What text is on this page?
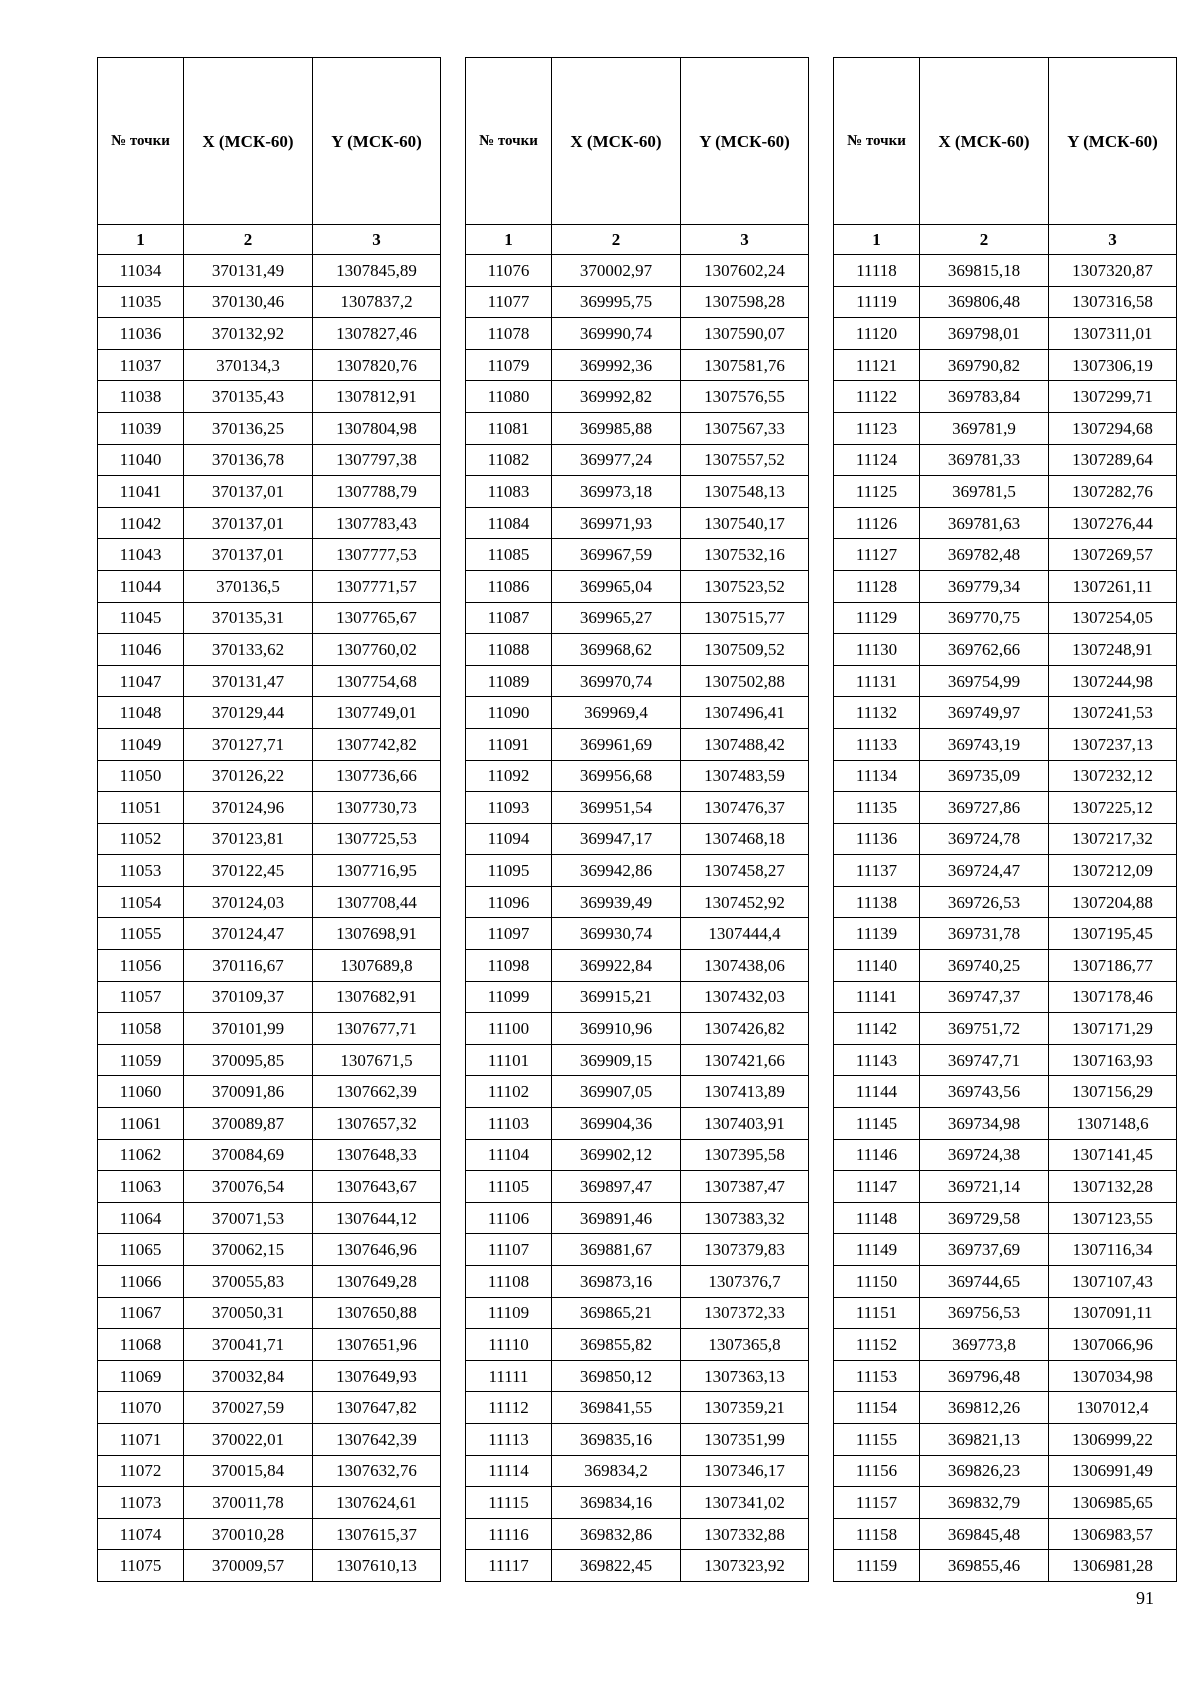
№ точки	X (МСК-60)	Y (МСК-60)
1	2	3
11034	370131,49	1307845,89
11035	370130,46	1307837,2
11036	370132,92	1307827,46
11037	370134,3	1307820,76
11038	370135,43	1307812,91
11039	370136,25	1307804,98
11040	370136,78	1307797,38
11041	370137,01	1307788,79
11042	370137,01	1307783,43
11043	370137,01	1307777,53
11044	370136,5	1307771,57
11045	370135,31	1307765,67
11046	370133,62	1307760,02
11047	370131,47	1307754,68
11048	370129,44	1307749,01
11049	370127,71	1307742,82
11050	370126,22	1307736,66
11051	370124,96	1307730,73
11052	370123,81	1307725,53
11053	370122,45	1307716,95
11054	370124,03	1307708,44
11055	370124,47	1307698,91
11056	370116,67	1307689,8
11057	370109,37	1307682,91
11058	370101,99	1307677,71
11059	370095,85	1307671,5
11060	370091,86	1307662,39
11061	370089,87	1307657,32
11062	370084,69	1307648,33
11063	370076,54	1307643,67
11064	370071,53	1307644,12
11065	370062,15	1307646,96
11066	370055,83	1307649,28
11067	370050,31	1307650,88
11068	370041,71	1307651,96
11069	370032,84	1307649,93
11070	370027,59	1307647,82
11071	370022,01	1307642,39
11072	370015,84	1307632,76
11073	370011,78	1307624,61
11074	370010,28	1307615,37
11075	370009,57	1307610,13
№ точки	X (МСК-60)	Y (МСК-60)
1	2	3
11076	370002,97	1307602,24
11077	369995,75	1307598,28
11078	369990,74	1307590,07
11079	369992,36	1307581,76
11080	369992,82	1307576,55
11081	369985,88	1307567,33
11082	369977,24	1307557,52
11083	369973,18	1307548,13
11084	369971,93	1307540,17
11085	369967,59	1307532,16
11086	369965,04	1307523,52
11087	369965,27	1307515,77
11088	369968,62	1307509,52
11089	369970,74	1307502,88
11090	369969,4	1307496,41
11091	369961,69	1307488,42
11092	369956,68	1307483,59
11093	369951,54	1307476,37
11094	369947,17	1307468,18
11095	369942,86	1307458,27
11096	369939,49	1307452,92
11097	369930,74	1307444,4
11098	369922,84	1307438,06
11099	369915,21	1307432,03
11100	369910,96	1307426,82
11101	369909,15	1307421,66
11102	369907,05	1307413,89
11103	369904,36	1307403,91
11104	369902,12	1307395,58
11105	369897,47	1307387,47
11106	369891,46	1307383,32
11107	369881,67	1307379,83
11108	369873,16	1307376,7
11109	369865,21	1307372,33
11110	369855,82	1307365,8
11111	369850,12	1307363,13
11112	369841,55	1307359,21
11113	369835,16	1307351,99
11114	369834,2	1307346,17
11115	369834,16	1307341,02
11116	369832,86	1307332,88
11117	369822,45	1307323,92
№ точки	X (МСК-60)	Y (МСК-60)
1	2	3
11118	369815,18	1307320,87
11119	369806,48	1307316,58
11120	369798,01	1307311,01
11121	369790,82	1307306,19
11122	369783,84	1307299,71
11123	369781,9	1307294,68
11124	369781,33	1307289,64
11125	369781,5	1307282,76
11126	369781,63	1307276,44
11127	369782,48	1307269,57
11128	369779,34	1307261,11
11129	369770,75	1307254,05
11130	369762,66	1307248,91
11131	369754,99	1307244,98
11132	369749,97	1307241,53
11133	369743,19	1307237,13
11134	369735,09	1307232,12
11135	369727,86	1307225,12
11136	369724,78	1307217,32
11137	369724,47	1307212,09
11138	369726,53	1307204,88
11139	369731,78	1307195,45
11140	369740,25	1307186,77
11141	369747,37	1307178,46
11142	369751,72	1307171,29
11143	369747,71	1307163,93
11144	369743,56	1307156,29
11145	369734,98	1307148,6
11146	369724,38	1307141,45
11147	369721,14	1307132,28
11148	369729,58	1307123,55
11149	369737,69	1307116,34
11150	369744,65	1307107,43
11151	369756,53	1307091,11
11152	369773,8	1307066,96
11153	369796,48	1307034,98
11154	369812,26	1307012,4
11155	369821,13	1306999,22
11156	369826,23	1306991,49
11157	369832,79	1306985,65
11158	369845,48	1306983,57
11159	369855,46	1306981,28
91
